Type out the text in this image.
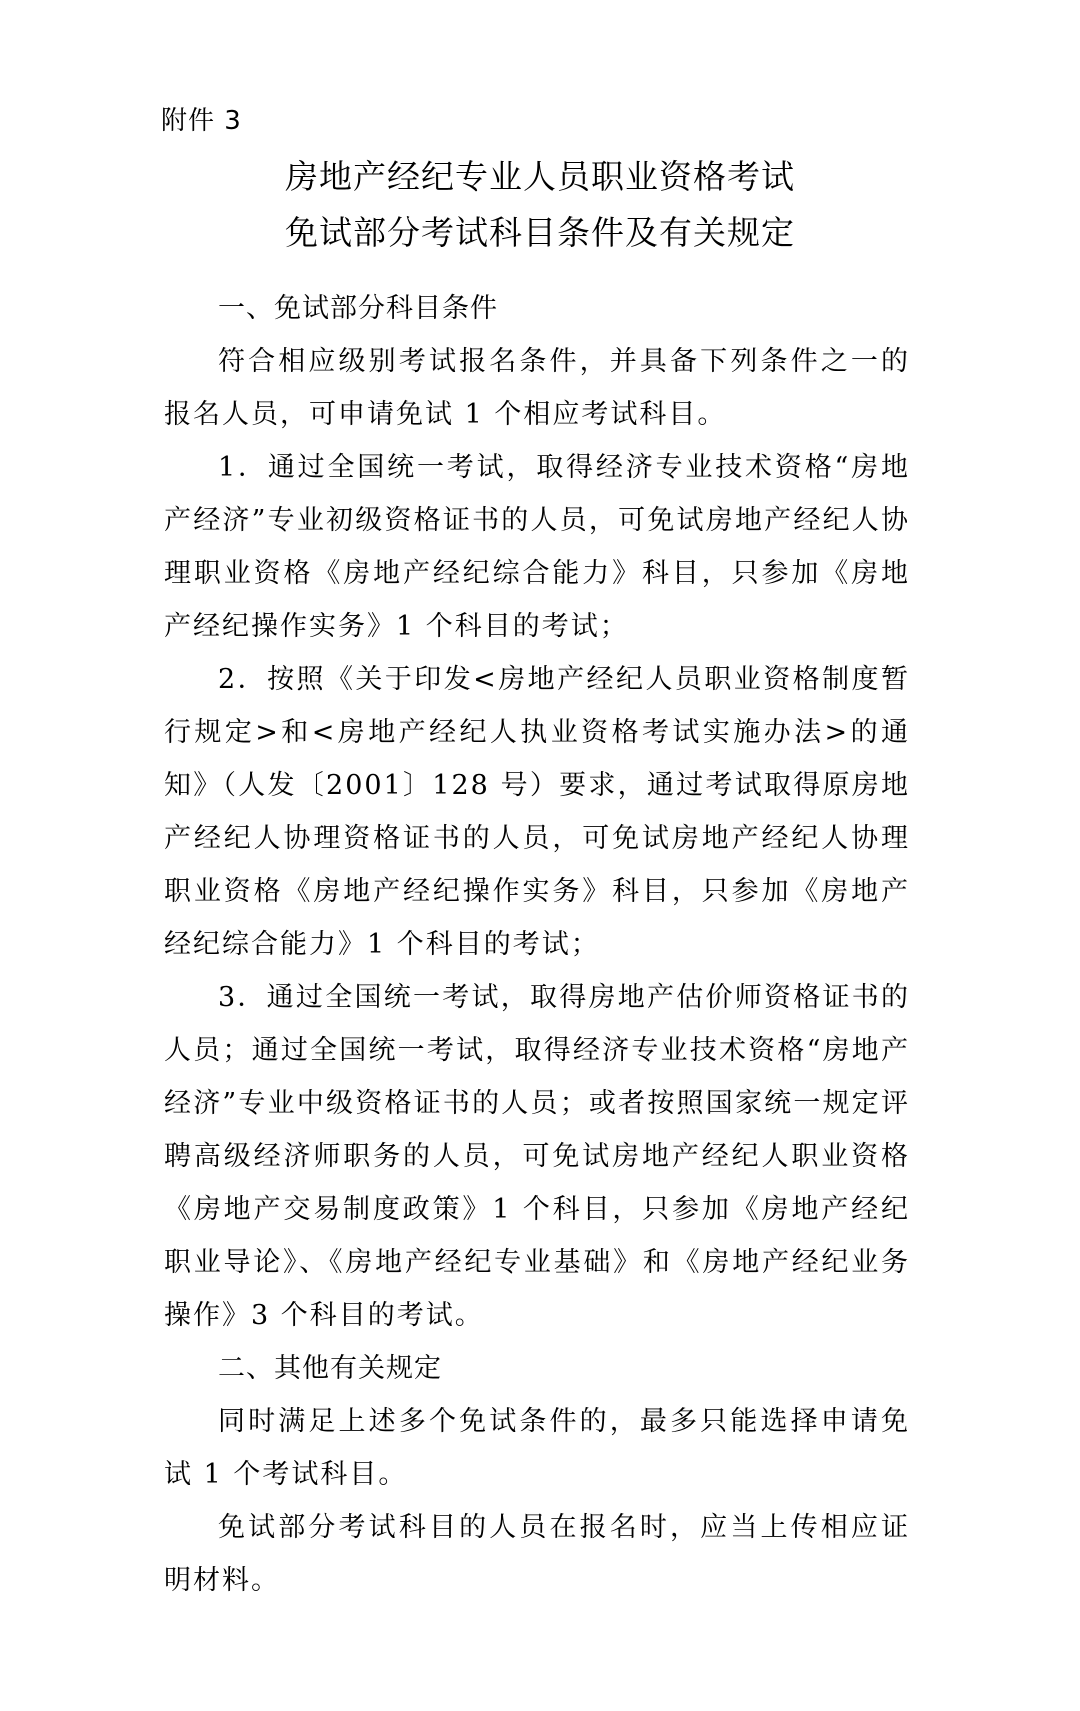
附件 3
房地产经纪专业人员职业资格考试
免试部分考试科目条件及有关规定
一、免试部分科目条件

符合相应级别考试报名条件，并具备下列条件之一的报名人员，可申请免试 1 个相应考试科目。

1．通过全国统一考试，取得经济专业技术资格“房地产经济”专业初级资格证书的人员，可免试房地产经纪人协理职业资格《房地产经纪综合能力》科目，只参加《房地产经纪操作实务》1 个科目的考试；

2．按照《关于印发<房地产经纪人员职业资格制度暂行规定>和<房地产经纪人执业资格考试实施办法>的通知》（人发〔2001〕128 号）要求，通过考试取得原房地产经纪人协理资格证书的人员，可免试房地产经纪人协理职业资格《房地产经纪操作实务》科目，只参加《房地产经纪综合能力》1 个科目的考试；

3．通过全国统一考试，取得房地产估价师资格证书的人员；通过全国统一考试，取得经济专业技术资格“房地产经济”专业中级资格证书的人员；或者按照国家统一规定评聘高级经济师职务的人员，可免试房地产经纪人职业资格《房地产交易制度政策》1 个科目，只参加《房地产经纪职业导论》、《房地产经纪专业基础》和《房地产经纪业务操作》3 个科目的考试。

二、其他有关规定

同时满足上述多个免试条件的，最多只能选择申请免试 1 个考试科目。

免试部分考试科目的人员在报名时，应当上传相应证明材料。
